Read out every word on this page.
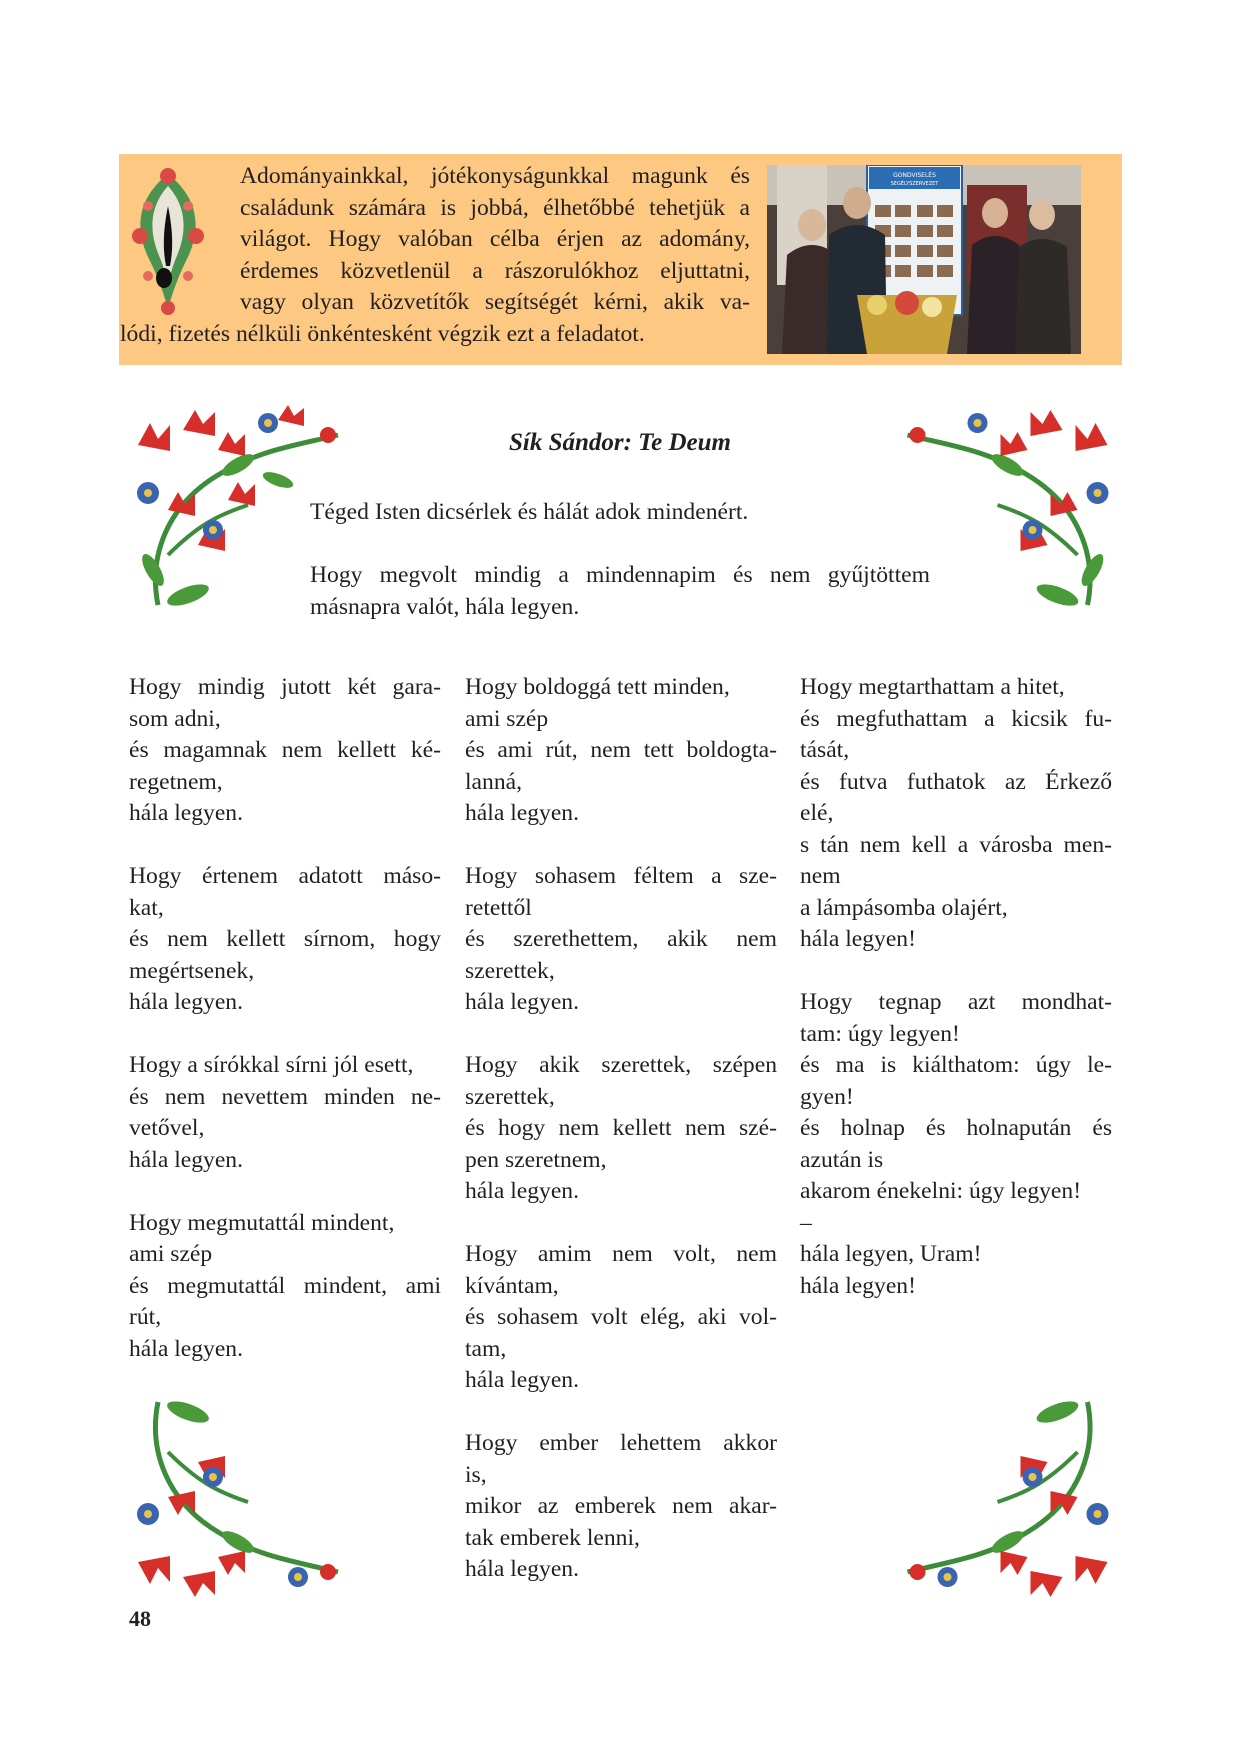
Adományainkkal, jótékonyságunkkal magunk és
családunk számára is jobbá, élhetőbbé tehetjük a
világot. Hogy valóban célba érjen az adomány,
érdemes közvetlenül a rászorulókhoz eljuttatni,
vagy olyan közvetítők segítségét kérni, akik va-
lódi, fizetés nélküli önkéntesként végzik ezt a feladatot.
GONDVISELÉS
SEGÉLYSZERVEZET
Sík Sándor: Te Deum
Téged Isten dicsérlek és hálát adok mindenért.
Hogy megvolt mindig a mindennapim és nem gyűjtöttem
másnapra valót, hála legyen.
Hogy mindig jutott két gara-
som adni,
és magamnak nem kellett ké-
regetnem,
hála legyen.
Hogy értenem adatott máso-
kat,
és nem kellett sírnom, hogy
megértsenek,
hála legyen.
Hogy a sírókkal sírni jól esett,
és nem nevettem minden ne-
vetővel,
hála legyen.
Hogy megmutattál mindent,
ami szép
és megmutattál mindent, ami
rút,
hála legyen.
Hogy boldoggá tett minden,
ami szép
és ami rút, nem tett boldogta-
lanná,
hála legyen.
Hogy sohasem féltem a sze-
retettől
és szerethettem, akik nem
szerettek,
hála legyen.
Hogy akik szerettek, szépen
szerettek,
és hogy nem kellett nem szé-
pen szeretnem,
hála legyen.
Hogy amim nem volt, nem
kívántam,
és sohasem volt elég, aki vol-
tam,
hála legyen.
Hogy ember lehettem akkor
is,
mikor az emberek nem akar-
tak emberek lenni,
hála legyen.
Hogy megtarthattam a hitet,
és megfuthattam a kicsik fu-
tását,
és futva futhatok az Érkező
elé,
s tán nem kell a városba men-
nem
a lámpásomba olajért,
hála legyen!
Hogy tegnap azt mondhat-
tam: úgy legyen!
és ma is kiálthatom: úgy le-
gyen!
és holnap és holnapután és
azután is
akarom énekelni: úgy legyen!
–
hála legyen, Uram!
hála legyen!
48
